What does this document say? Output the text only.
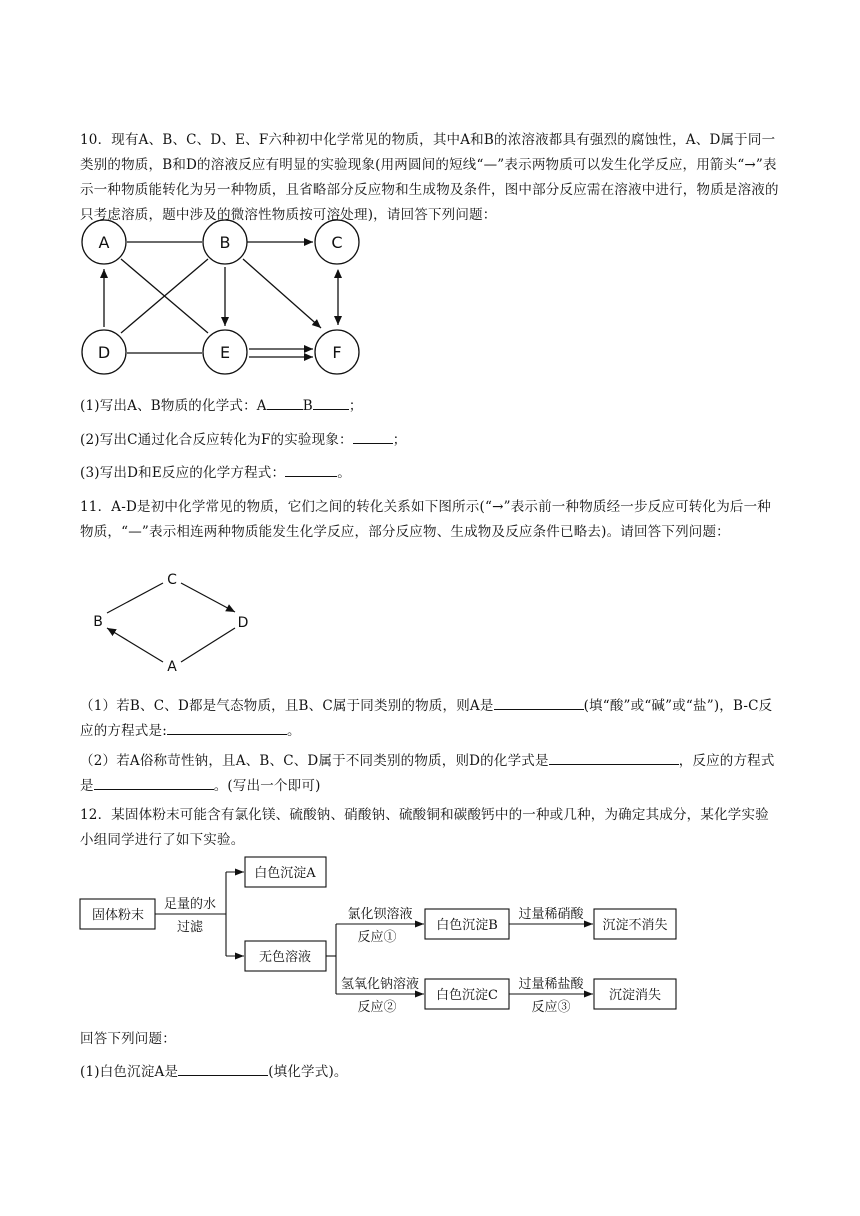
10．现有A、B、C、D、E、F六种初中化学常见的物质，其中A和B的浓溶液都具有强烈的腐蚀性，A、D属于同一类别的物质，B和D的溶液反应有明显的实验现象(用两圆间的短线“—”表示两物质可以发生化学反应，用箭头“→”表示一种物质能转化为另一种物质，且省略部分反应物和生成物及条件，图中部分反应需在溶液中进行，物质是溶液的只考虑溶质，题中涉及的微溶性物质按可溶处理)，请回答下列问题：
A	B	C
D	E	F
(1)写出A、B物质的化学式：A	B	；
(2)写出C通过化合反应转化为F的实验现象：	；
(3)写出D和E反应的化学方程式：	。
11．A-D是初中化学常见的物质，它们之间的转化关系如下图所示(“→”表示前一种物质经一步反应可转化为后一种物质，“—”表示相连两种物质能发生化学反应，部分反应物、生成物及反应条件已略去)。请回答下列问题：
C
B	D
A
（1）若B、C、D都是气态物质，且B、C属于同类别的物质，则A是	(填“酸”或“碱”或“盐”)，B-C反应的方程式是:	。
（2）若A俗称苛性钠，且A、B、C、D属于不同类别的物质，则D的化学式是	，反应的方程式是	。(写出一个即可)
12．某固体粉末可能含有氯化镁、硫酸钠、硝酸钠、硫酸铜和碳酸钙中的一种或几种，为确定其成分，某化学实验小组同学进行了如下实验。
固体粉末
足量的水
过滤
白色沉淀A
无色溶液
氯化钡溶液
反应①
白色沉淀B
过量稀硝酸
沉淀不消失
氢氧化钠溶液
反应②
白色沉淀C
过量稀盐酸
反应③
沉淀消失
回答下列问题：
(1)白色沉淀A是	(填化学式)。
